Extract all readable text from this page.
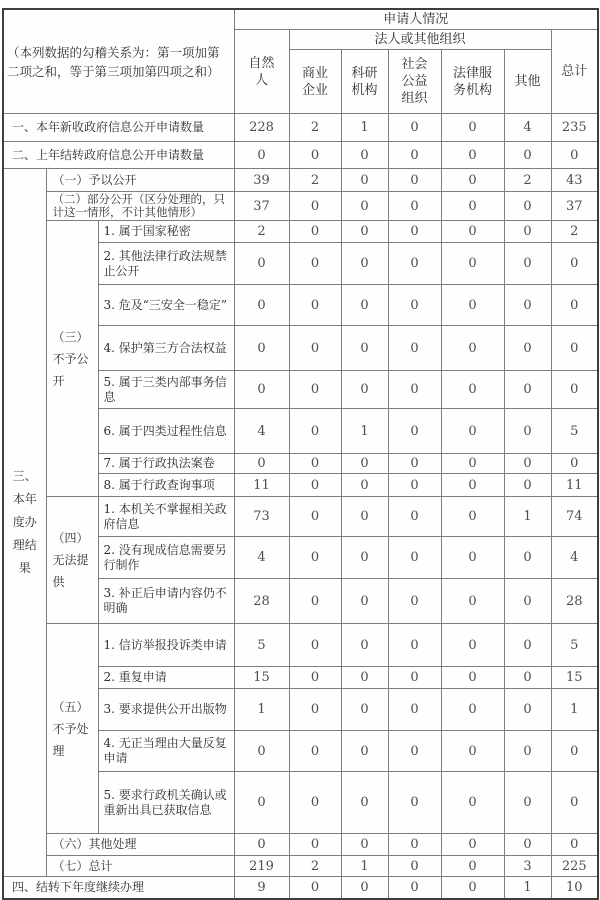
（本列数据的勾稽关系为：第一项加第二项之和，等于第三项加第四项之和）			申请人情况						
			自然人	法人或其他组织					总计
				商业企业	科研机构	社会公益组织	法律服务机构	其他	
一、本年新收政府信息公开申请数量			228	2	1	0	0	4	235
二、上年结转政府信息公开申请数量			0	0	0	0	0	0	0
三、本年度办理结果	（一）予以公开		39	2	0	0	0	2	43
	（二）部分公开（区分处理的，只计这一情形，不计其他情形）		37	0	0	0	0	0	37
	（三）不予公开	1. 属于国家秘密	2	0	0	0	0	0	2
		2. 其他法律行政法规禁止公开	0	0	0	0	0	0	0
		3. 危及“三安全一稳定”	0	0	0	0	0	0	0
		4. 保护第三方合法权益	0	0	0	0	0	0	0
		5. 属于三类内部事务信息	0	0	0	0	0	0	0
		6. 属于四类过程性信息	4	0	1	0	0	0	5
		7. 属于行政执法案卷	0	0	0	0	0	0	0
		8. 属于行政查询事项	11	0	0	0	0	0	11
	（四）无法提供	1. 本机关不掌握相关政府信息	73	0	0	0	0	1	74
		2. 没有现成信息需要另行制作	4	0	0	0	0	0	4
		3. 补正后申请内容仍不明确	28	0	0	0	0	0	28
	（五）不予处理	1. 信访举报投诉类申请	5	0	0	0	0	0	5
		2. 重复申请	15	0	0	0	0	0	15
		3. 要求提供公开出版物	1	0	0	0	0	0	1
		4. 无正当理由大量反复申请	0	0	0	0	0	0	0
		5. 要求行政机关确认或重新出具已获取信息	0	0	0	0	0	0	0
	（六）其他处理		0	0	0	0	0	0	0
	（七）总计		219	2	1	0	0	3	225
四、结转下年度继续办理			9	0	0	0	0	1	10
